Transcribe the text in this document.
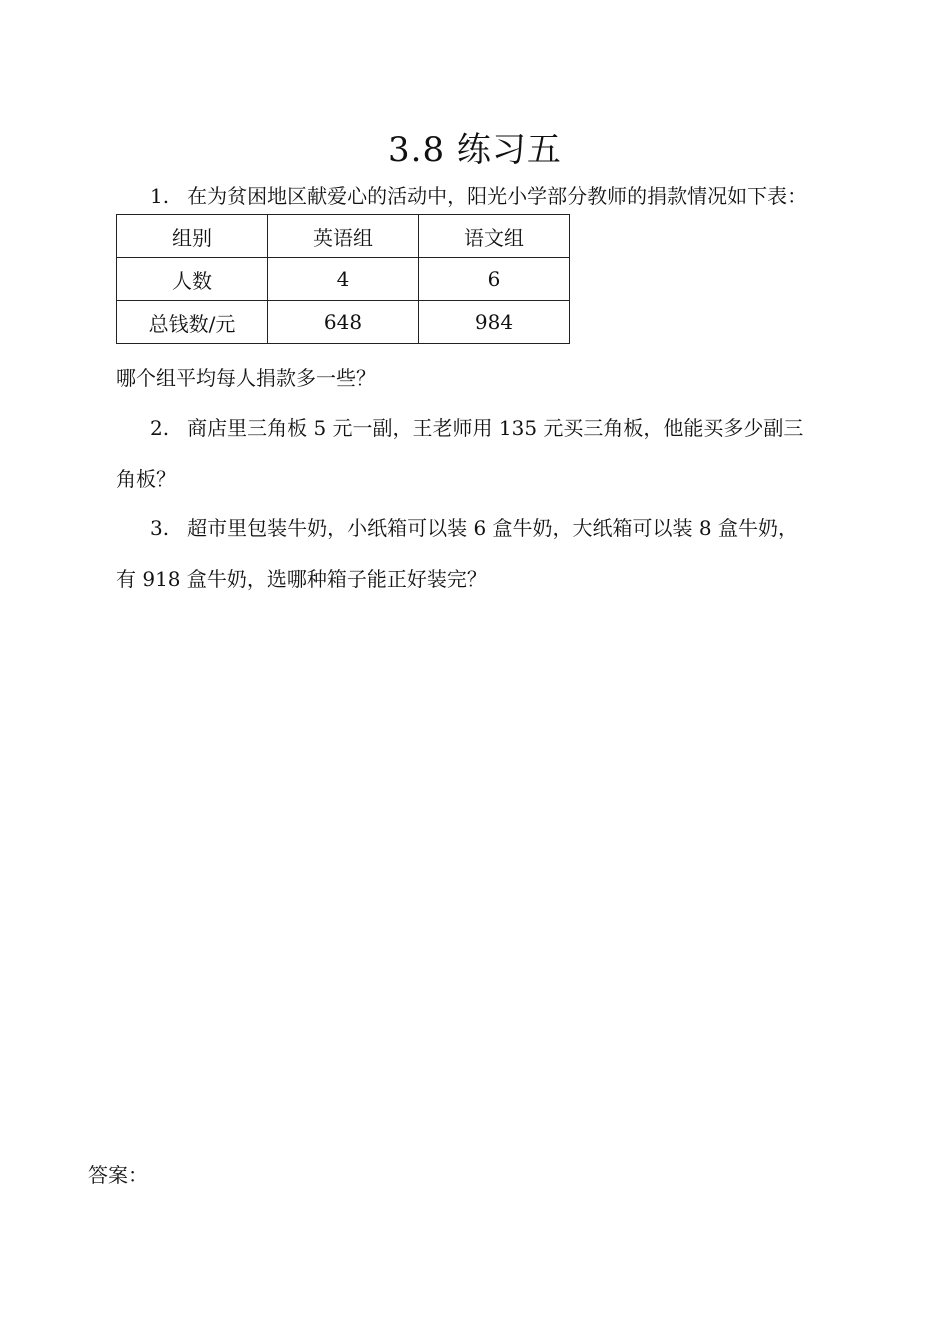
3.8 练习五
1. 在为贫困地区献爱心的活动中，阳光小学部分教师的捐款情况如下表：
组别	英语组	语文组
人数	4	6
总钱数/元	648	984
哪个组平均每人捐款多一些？
2. 商店里三角板 5 元一副，王老师用 135 元买三角板，他能买多少副三
角板？
3. 超市里包装牛奶，小纸箱可以装 6 盒牛奶，大纸箱可以装 8 盒牛奶，
有 918 盒牛奶，选哪种箱子能正好装完？
答案：
